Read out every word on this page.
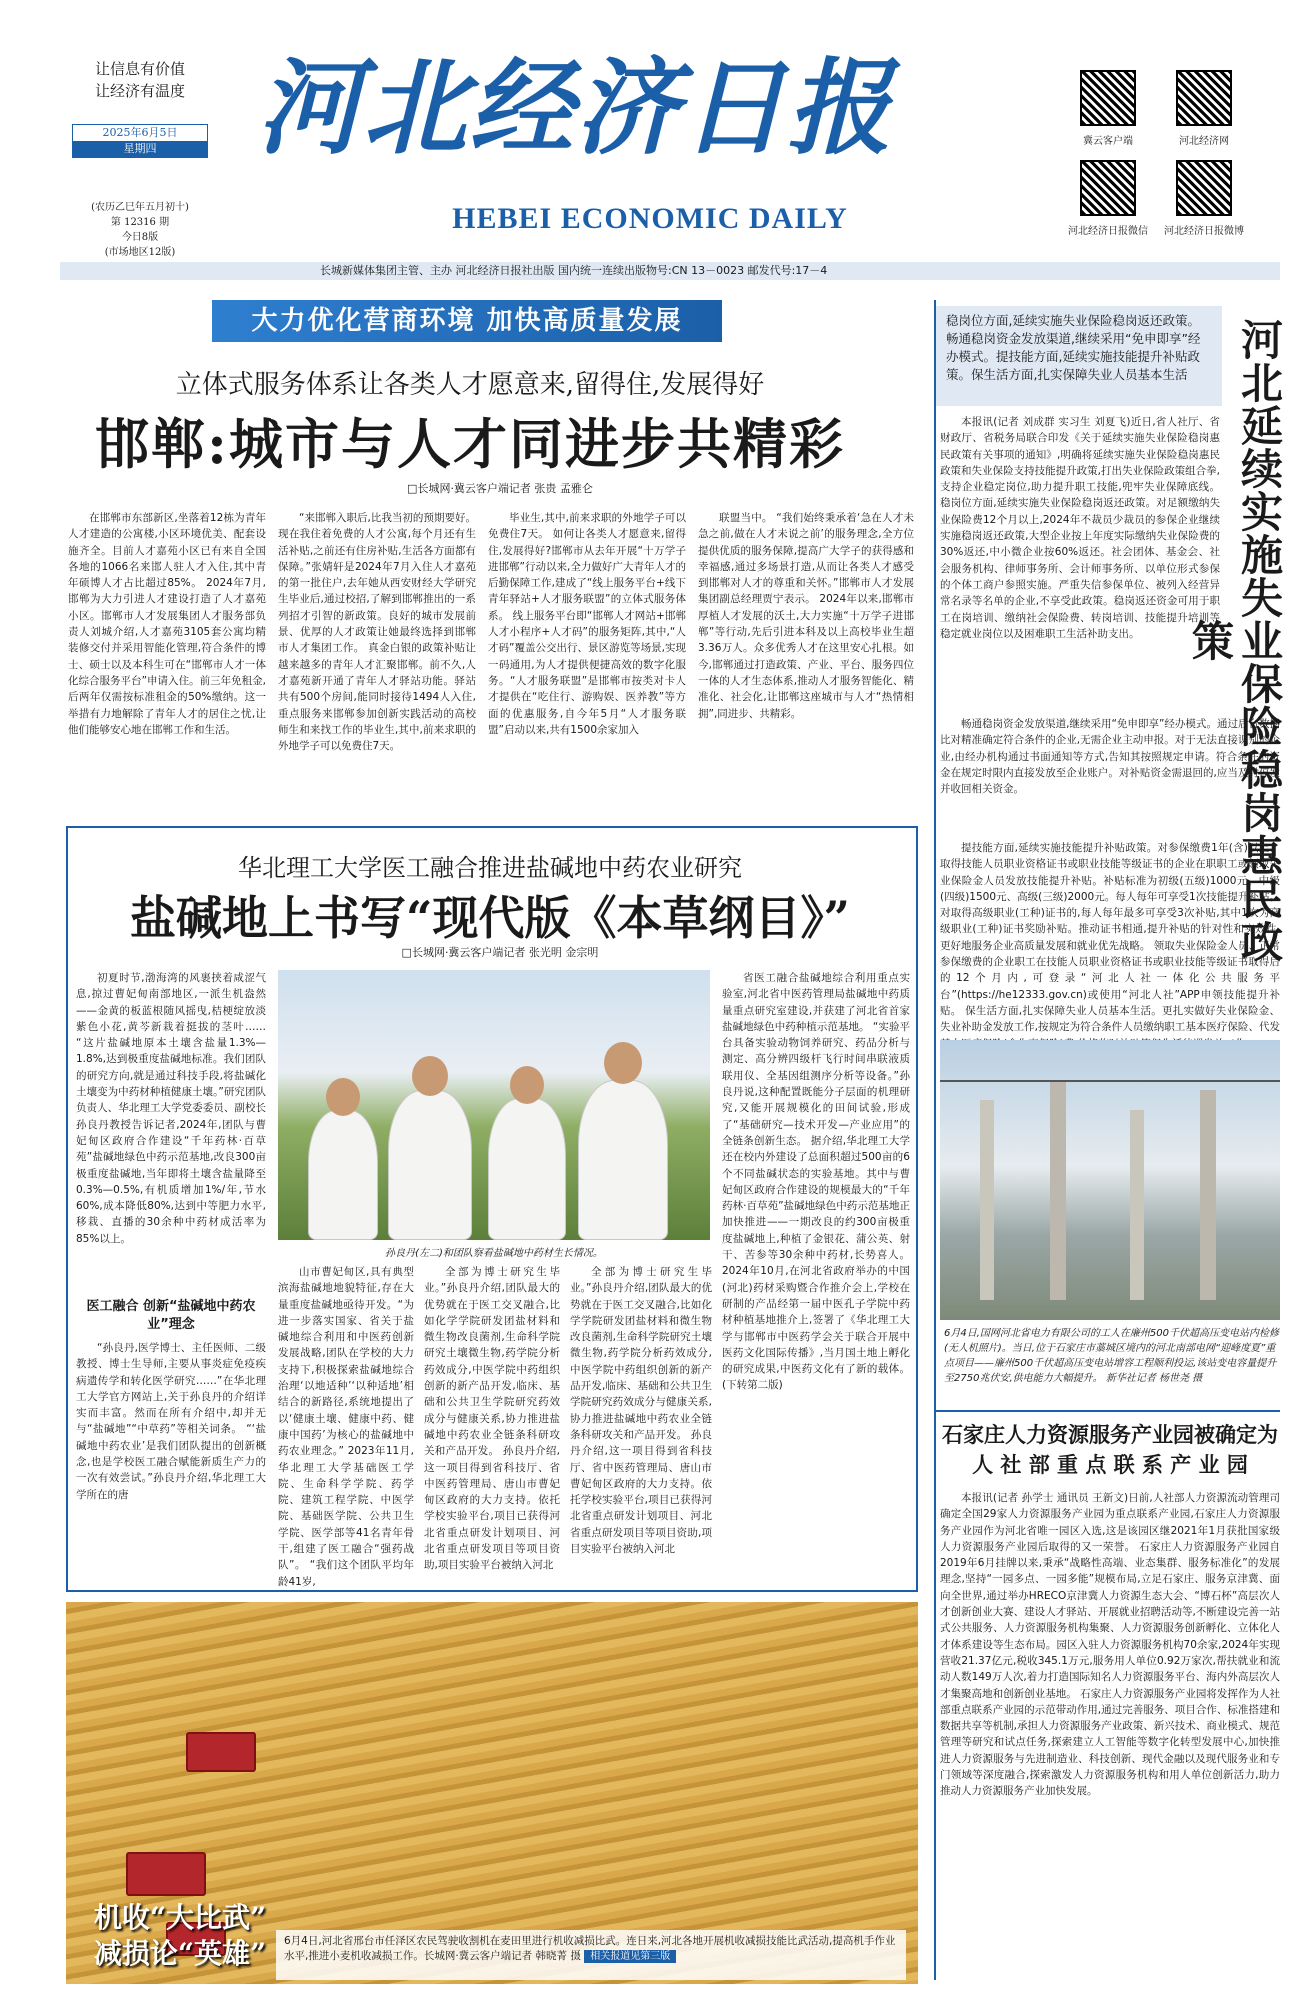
让信息有价值
让经济有温度
2025年6月5日
星期四
(农历乙巳年五月初十)
第 12316 期
今日8版
(市场地区12版)
河北经济日报
HEBEI ECONOMIC DAILY
冀云客户端	河北经济网
河北经济日报微信	河北经济日报微博
长城新媒体集团主管、主办 河北经济日报社出版 国内统一连续出版物号:CN 13－0023 邮发代号:17－4
大力优化营商环境 加快高质量发展
立体式服务体系让各类人才愿意来,留得住,发展得好
邯郸:城市与人才同进步共精彩
□长城网·冀云客户端记者 张贵 孟雅仑

在邯郸市东部新区,坐落着12栋为青年人才建造的公寓楼,小区环境优美、配套设施齐全。目前人才嘉苑小区已有来自全国各地的1066名来邯人驻人才入住,其中青年硕博人才占比超过85%。 2024年7月,邯郸为大力引进人才建设打造了人才嘉苑小区。邯郸市人才发展集团人才服务部负责人刘城介绍,人才嘉苑3105套公寓均精装修交付并采用智能化管理,符合条件的博士、硕士以及本科生可在“邯郸市人才一体化综合服务平台”申请入住。前三年免租金,后两年仅需按标准租金的50%缴纳。这一举措有力地解除了青年人才的居住之忧,让他们能够安心地在邯郸工作和生活。

“来邯郸入职后,比我当初的预期要好。现在我住着免费的人才公寓,每个月还有生活补贴,之前还有住房补贴,生活各方面都有保障。”张婧轩是2024年7月入住人才嘉苑的第一批住户,去年她从西安财经大学研究生毕业后,通过校招,了解到邯郸推出的一系列招才引智的新政策。良好的城市发展前景、优厚的人才政策让她最终选择到邯郸市人才集团工作。 真金白银的政策补贴让越来越多的青年人才汇聚邯郸。前不久,人才嘉苑新开通了青年人才驿站功能。驿站共有500个房间,能同时接待1494人入住,重点服务来邯郸参加创新实践活动的高校师生和来找工作的毕业生,其中,前来求职的外地学子可以免费住7天。

毕业生,其中,前来求职的外地学子可以免费住7天。 如何让各类人才愿意来,留得住,发展得好?邯郸市从去年开展“十万学子进邯郸”行动以来,全力做好广大青年人才的后勤保障工作,建成了“线上服务平台+线下青年驿站+人才服务联盟”的立体式服务体系。 线上服务平台即“邯郸人才网站+邯郸人才小程序+人才码”的服务矩阵,其中,“人才码”覆盖公交出行、景区游览等场景,实现一码通用,为人才提供便捷高效的数字化服务。“人才服务联盟”是邯郸市按类对卡人才提供在“吃住行、游购娱、医养教”等方面的优惠服务,自今年5月“人才服务联盟”启动以来,共有1500余家加入

联盟当中。 “我们始终秉承着‘急在人才未急之前,做在人才未说之前’的服务理念,全方位提供优质的服务保障,提高广大学子的获得感和幸福感,通过多场景打造,从而让各类人才感受到邯郸对人才的尊重和关怀。”邯郸市人才发展集团副总经理贾宁表示。 2024年以来,邯郸市厚植人才发展的沃土,大力实施“十万学子进邯郸”等行动,先后引进本科及以上高校毕业生超3.36万人。众多优秀人才在这里安心扎根。如今,邯郸通过打造政策、产业、平台、服务四位一体的人才生态体系,推动人才服务智能化、精准化、社会化,让邯郸这座城市与人才“热情相拥”,同进步、共精彩。

华北理工大学医工融合推进盐碱地中药农业研究
盐碱地上书写“现代版《本草纲目》”
□长城网·冀云客户端记者 张光明 金宗明

初夏时节,渤海湾的风裹挟着咸涩气息,掠过曹妃甸南部地区,一派生机盎然——金黄的板蓝根随风摇曳,桔梗绽放淡紫色小花,黄芩新栽着挺拔的茎叶…… “这片盐碱地原本土壤含盐量1.3%—1.8%,达到极重度盐碱地标准。我们团队的研究方向,就是通过科技手段,将盐碱化土壤变为中药材种植健康土壤。”研究团队负责人、华北理工大学党委委员、副校长孙良丹教授告诉记者,2024年,团队与曹妃甸区政府合作建设“千年药林·百草苑”盐碱地绿色中药示范基地,改良300亩极重度盐碱地,当年即将土壤含盐量降至0.3%—0.5%,有机质增加1%/年,节水60%,成本降低80%,达到中等肥力水平,移栽、直播的30余种中药材成活率为85%以上。

医工融合 创新“盐碱地中药农业”理念

“孙良丹,医学博士、主任医师、二级教授、博士生导师,主要从事炎症免疫疾病遗传学和转化医学研究……”在华北理工大学官方网站上,关于孙良丹的介绍详实而丰富。然而在所有介绍中,却并无与“盐碱地”“中草药”等相关词条。 “‘盐碱地中药农业’是我们团队提出的创新概念,也是学校医工融合赋能新质生产力的一次有效尝试。”孙良丹介绍,华北理工大学所在的唐

孙良丹(左二)和团队察看盐碱地中药材生长情况。

山市曹妃甸区,具有典型滨海盐碱地地貌特征,存在大量重度盐碱地亟待开发。“为进一步落实国家、省关于盐碱地综合利用和中医药创新发展战略,团队在学校的大力支持下,积极探索盐碱地综合治理‘以地适种’‘以种适地’相结合的新路径,系统地提出了以‘健康土壤、健康中药、健康中国药’为核心的盐碱地中药农业理念。” 2023年11月,华北理工大学基础医工学院、生命科学学院、药学院、建筑工程学院、中医学院、基础医学院、公共卫生学院、医学部等41名青年骨干,组建了医工融合“强药战队”。 “我们这个团队平均年龄41岁,

全部为博士研究生毕业。”孙良丹介绍,团队最大的优势就在于医工交叉融合,比如化学学院研发团盐材料和微生物改良菌剂,生命科学院研究土壤微生物,药学院分析药效成分,中医学院中药组织创新的新产品开发,临床、基础和公共卫生学院研究药效成分与健康关系,协力推进盐碱地中药农业全链条科研攻关和产品开发。 孙良丹介绍,这一项目得到省科技厅、省中医药管理局、唐山市曹妃甸区政府的大力支持。依托学校实验平台,项目已获得河北省重点研发计划项目、河北省重点研发项目等项目资助,项目实验平台被纳入河北

省医工融合盐碱地综合利用重点实验室,河北省中医药管理局盐碱地中药质量重点研究室建设,并获建了河北省首家盐碱地绿色中药种植示范基地。 “实验平台具备实验动物饲养研究、药品分析与测定、高分辨四级杆飞行时间串联液质联用仪、全基因组测序分析等设备。”孙良丹说,这种配置既能分子层面的机理研究,又能开展规模化的田间试验,形成了“基础研究—技术开发—产业应用”的全链条创新生态。 据介绍,华北理工大学还在校内外建设了总面积超过500亩的6个不同盐碱状态的实验基地。其中与曹妃甸区政府合作建设的规模最大的“千年药林·百草苑”盐碱地绿色中药示范基地正加快推进——一期改良的约300亩极重度盐碱地上,种植了金银花、蒲公英、射干、苦参等30余种中药材,长势喜人。 2024年10月,在河北省政府举办的中国(河北)药材采购暨合作推介会上,学校在研制的产品经第一届中医孔子学院中药材种植基地推介上,签署了《华北理工大学与邯郸市中医药学会关于联合开展中医药文化国际传播》,当月国土地上孵化的研究成果,中医药文化有了新的载体。 (下转第二版)

全部为博士研究生毕业。”孙良丹介绍,团队最大的优势就在于医工交叉融合,比如化学学院研发团盐材料和微生物改良菌剂,生命科学院研究土壤微生物,药学院分析药效成分,中医学院中药组织创新的新产品开发,临床、基础和公共卫生学院研究药效成分与健康关系,协力推进盐碱地中药农业全链条科研攻关和产品开发。 孙良丹介绍,这一项目得到省科技厅、省中医药管理局、唐山市曹妃甸区政府的大力支持。依托学校实验平台,项目已获得河北省重点研发计划项目、河北省重点研发项目等项目资助,项目实验平台被纳入河北

机收“大比武”
减损论“英雄”	6月4日,河北省邢台市任泽区农民驾驶收割机在麦田里进行机收减损比武。连日来,河北各地开展机收减损技能比武活动,提高机手作业水平,推进小麦机收减损工作。长城网·冀云客户端记者 韩晓菁 摄 相关报道见第三版
稳岗位方面,延续实施失业保险稳岗返还政策。畅通稳岗资金发放渠道,继续采用“免申即享”经办模式。提技能方面,延续实施技能提升补贴政策。保生活方面,扎实保障失业人员基本生活	河北延续实施失业保险稳岗惠民政策

本报讯(记者 刘成群 实习生 刘夏飞)近日,省人社厅、省财政厅、省税务局联合印发《关于延续实施失业保险稳岗惠民政策有关事项的通知》,明确将延续实施失业保险稳岗惠民政策和失业保险支持技能提升政策,打出失业保险政策组合拳,支持企业稳定岗位,助力提升职工技能,兜牢失业保障底线。 稳岗位方面,延续实施失业保险稳岗返还政策。对足额缴纳失业保险费12个月以上,2024年不裁员少裁员的参保企业继续实施稳岗返还政策,大型企业按上年度实际缴纳失业保险费的30%返还,中小微企业按60%返还。社会团体、基金会、社会服务机构、律师事务所、会计师事务所、以单位形式参保的个体工商户参照实施。严重失信参保单位、被列入经营异常名录等名单的企业,不享受此政策。稳岗返还资金可用于职工在岗培训、缴纳社会保险费、转岗培训、技能提升培训等稳定就业岗位以及困难职工生活补助支出。

畅通稳岗资金发放渠道,继续采用“免申即享”经办模式。通过后台数据比对精准确定符合条件的企业,无需企业主动申报。对于无法直接识别的企业,由经办机构通过书面通知等方式,告知其按照规定申请。符合条件的资金在规定时限内直接发放至企业账户。对补贴资金需退回的,应当及时停发并收回相关资金。

提技能方面,延续实施技能提升补贴政策。对参保缴费1年(含)以上、取得技能人员职业资格证书或职业技能等级证书的企业在职职工或领取失业保险金人员发放技能提升补贴。补贴标准为初级(五级)1000元、中级(四级)1500元、高级(三级)2000元。每人每年可享受1次技能提升补贴。对取得高级职业(工种)证书的,每人每年最多可享受3次补贴,其中1次为高级职业(工种)证书奖励补贴。推动证书相通,提升补贴的针对性和实效性,更好地服务企业高质量发展和就业优先战略。 领取失业保险金人员、正常参保缴费的企业职工在技能人员职业资格证书或职业技能等级证书取得后的12个月内,可登录“河北人社一体化公共服务平台”(https://he12333.gov.cn)或使用“河北人社”APP申领技能提升补贴。 保生活方面,扎实保障失业人员基本生活。更扎实做好失业保险金、失业补助金发放工作,按规定为符合条件人员缴纳职工基本医疗保险、代发

6月4日,国网河北省电力有限公司的工人在廉州500千伏超高压变电站内检修(无人机照片)。当日,位于石家庄市藁城区境内的河北南部电网“迎峰度夏”重点项目——廉州500千伏超高压变电站增容工程顺利投运,该站变电容量提升至2750兆伏安,供电能力大幅提升。 新华社记者 杨世尧 摄
石家庄人力资源服务产业园被确定为
人 社 部 重 点 联 系 产 业 园

本报讯(记者 孙学士 通讯员 王新文)日前,人社部人力资源流动管理司确定全国29家人力资源服务产业园为重点联系产业园,石家庄人力资源服务产业园作为河北省唯一园区入选,这是该园区继2021年1月获批国家级人力资源服务产业园后取得的又一荣誉。 石家庄人力资源服务产业园自2019年6月挂牌以来,秉承“战略性高端、业态集群、服务标准化”的发展理念,坚持“一园多点、一园多能”规模布局,立足石家庄、服务京津冀、面向全世界,通过举办HRECO京津冀人力资源生态大会、“博石杯”高层次人才创新创业大赛、建设人才驿站、开展就业招聘活动等,不断建设完善一站式公共服务、人力资源服务机构集聚、人力资源服务创新孵化、立体化人才体系建设等生态布局。园区入驻人力资源服务机构70余家,2024年实现营收21.37亿元,税收345.1万元,服务用人单位0.92万家次,帮扶就业和流动人数149万人次,着力打造国际知名人力资源服务平台、海内外高层次人才集聚高地和创新创业基地。 石家庄人力资源服务产业园将发挥作为人社部重点联系产业园的示范带动作用,通过完善服务、项目合作、标准搭建和数据共享等机制,承担人力资源服务产业政策、新兴技术、商业模式、规范管理等研究和试点任务,探索建立人工智能等数字化转型发展中心,加快推进人力资源服务与先进制造业、科技创新、现代金融以及现代服务业和专门领域等深度融合,探索激发人力资源服务机构和用人单位创新活力,助力推动人力资源服务产业加快发展。
